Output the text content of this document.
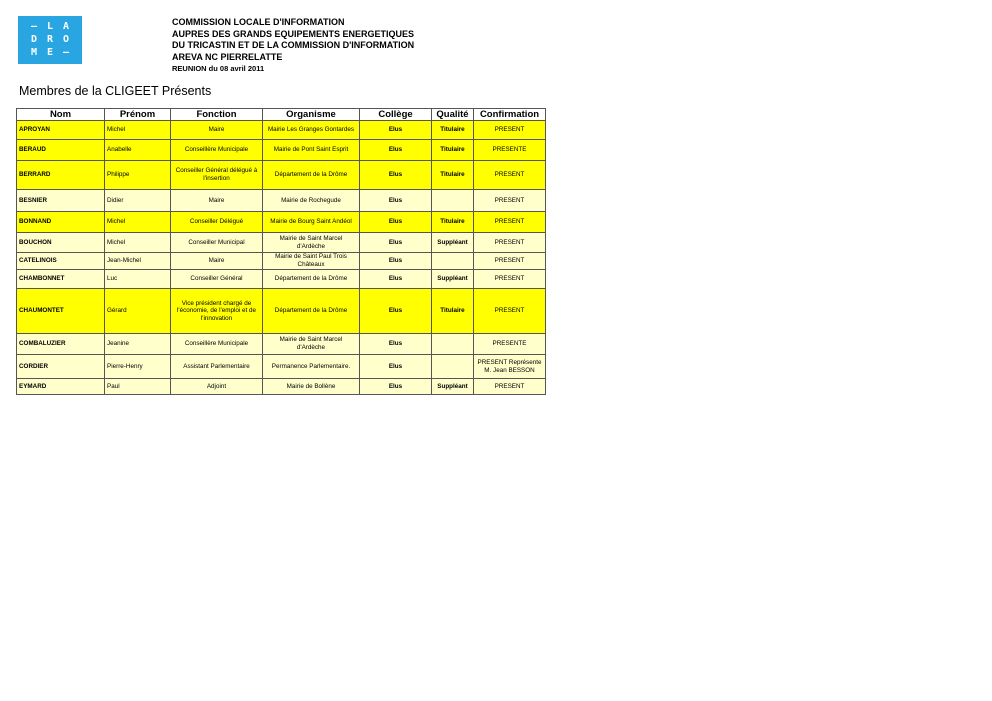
– L A
D R O
M E –
COMMISSION LOCALE D'INFORMATION
AUPRES DES GRANDS EQUIPEMENTS ENERGETIQUES
DU TRICASTIN ET DE LA COMMISSION D'INFORMATION
AREVA NC PIERRELATTE
REUNION du 08 avril 2011
Membres de la CLIGEET Présents
Nom	Prénom	Fonction	Organisme	Collège	Qualité	Confirmation
APROYAN	Michel	Maire	Mairie Les Granges Gontardes	Elus	Titulaire	PRESENT
BERAUD	Anabelle	Conseillère Municipale	Mairie de Pont Saint Esprit	Elus	Titulaire	PRESENTE
BERRARD	Philippe	Conseiller Général délégué à l'insertion	Département de la Drôme	Elus	Titulaire	PRESENT
BESNIER	Didier	Maire	Mairie de Rochegude	Elus		PRESENT
BONNAND	Michel	Conseiller Délégué	Mairie de Bourg Saint Andéol	Elus	Titulaire	PRESENT
BOUCHON	Michel	Conseiller Municipal	Mairie de Saint Marcel d'Ardèche	Elus	Suppléant	PRESENT
CATELINOIS	Jean-Michel	Maire	Mairie de Saint Paul Trois Châteaux	Elus		PRESENT
CHAMBONNET	Luc	Conseiller Général	Département de la Drôme	Elus	Suppléant	PRESENT
CHAUMONTET	Gérard	Vice président chargé de l'économie, de l'emploi et de l'innovation	Département de la Drôme	Elus	Titulaire	PRESENT
COMBALUZIER	Jeanine	Conseillère Municipale	Mairie de Saint Marcel d'Ardèche	Elus		PRESENTE
CORDIER	Pierre-Henry	Assistant Parlementaire	Permanence Parlementaire.	Elus		PRESENT Représente M. Jean BESSON
EYMARD	Paul	Adjoint	Mairie de Bollène	Elus	Suppléant	PRESENT
